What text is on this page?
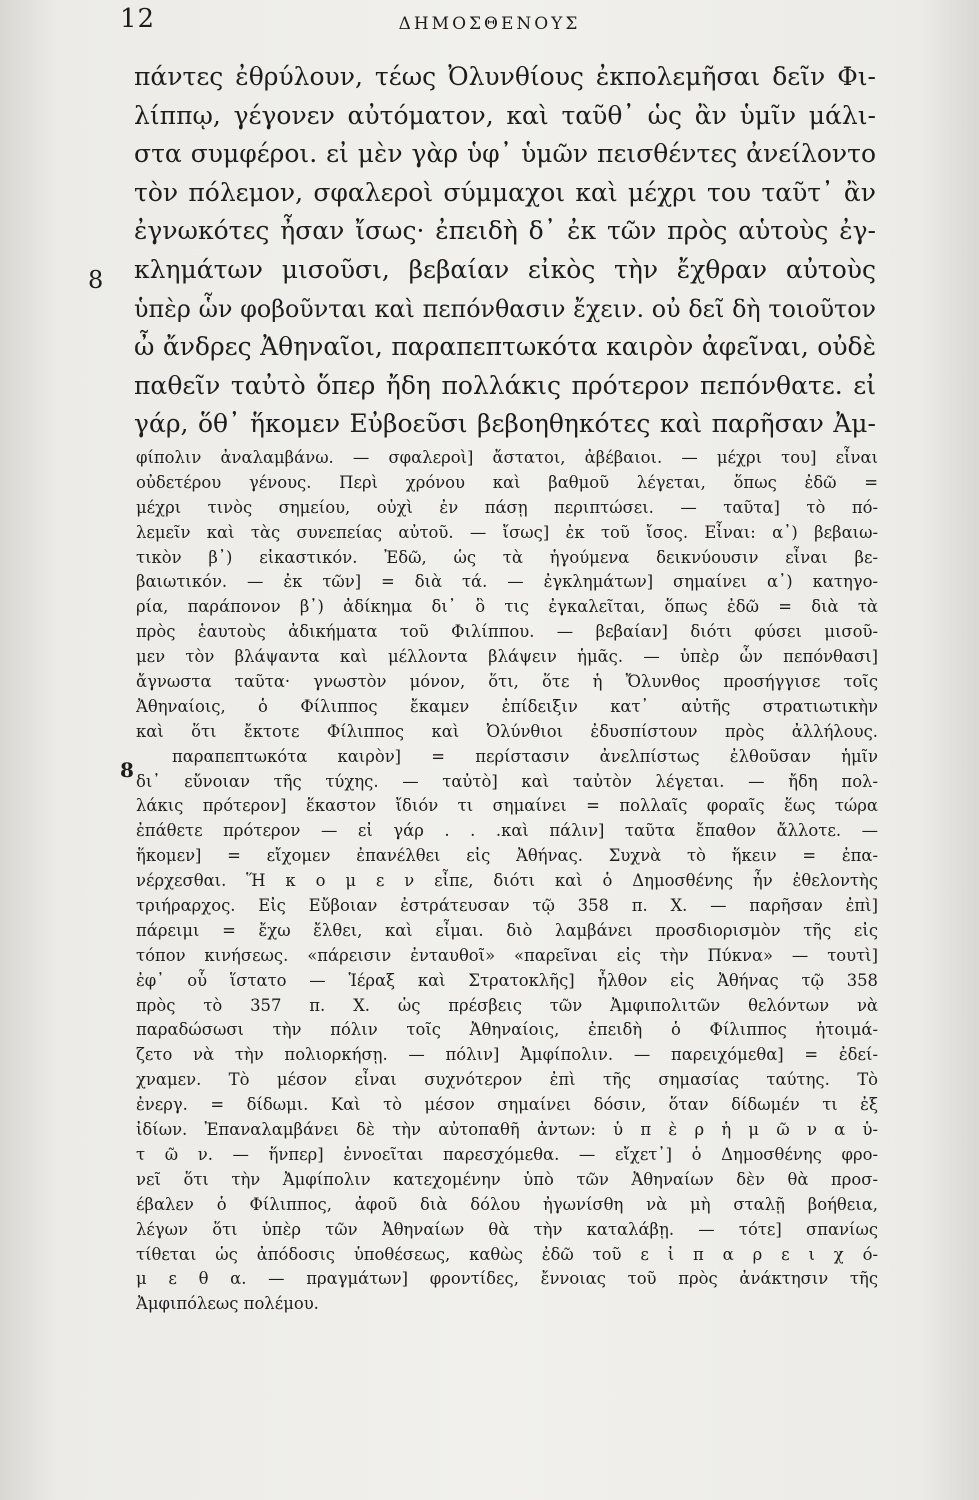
12	ΔΗΜΟΣΘΕΝΟΥΣ
8
πάντες ἐθρύλουν, τέως Ὀλυνθίους ἐκπολεμῆσαι δεῖν Φι-
λίππῳ, γέγονεν αὐτόματον, καὶ ταῦθ᾽ ὡς ἂν ὑμῖν μάλι-
στα συμφέροι. εἰ μὲν γὰρ ὑφ᾽ ὑμῶν πεισθέντες ἀνείλοντο
τὸν πόλεμον, σφαλεροὶ σύμμαχοι καὶ μέχρι του ταῦτ᾽ ἂν
ἐγνωκότες ἦσαν ἴσως· ἐπειδὴ δ᾽ ἐκ τῶν πρὸς αὑτοὺς ἐγ-
κλημάτων μισοῦσι, βεβαίαν εἰκὸς τὴν ἔχθραν αὐτοὺς
ὑπὲρ ὧν φοβοῦνται καὶ πεπόνθασιν ἔχειν. οὐ δεῖ δὴ τοιοῦτον
ὦ ἄνδρες Ἀθηναῖοι, παραπεπτωκότα καιρὸν ἀφεῖναι, οὐδὲ
παθεῖν ταὐτὸ ὅπερ ἤδη πολλάκις πρότερον πεπόνθατε. εἰ
γάρ, ὅθ᾽ ἥκομεν Εὐβοεῦσι βεβοηθηκότες καὶ παρῆσαν Ἀμ-
8
φίπολιν ἀναλαμβάνω. — σφαλεροὶ] ἄστατοι, ἀβέβαιοι. — μέχρι του] εἶναι
οὐδετέρου γένους. Περὶ χρόνου καὶ βαθμοῦ λέγεται, ὅπως ἐδῶ =
μέχρι τινὸς σημείου, οὐχὶ ἐν πάσῃ περιπτώσει. — ταῦτα] τὸ πό-
λεμεῖν καὶ τὰς συνεπείας αὐτοῦ. — ἴσως] ἐκ τοῦ ἴσος. Εἶναι: α᾽) βεβαιω-
τικὸν β᾽) εἰκαστικόν. Ἐδῶ, ὡς τὰ ἡγούμενα δεικνύουσιν εἶναι βε-
βαιωτικόν. — ἐκ τῶν] = διὰ τά. — ἐγκλημάτων] σημαίνει α᾽) κατηγο-
ρία, παράπονον β᾽) ἀδίκημα δι᾽ ὃ τις ἐγκαλεῖται, ὅπως ἐδῶ = διὰ τὰ
πρὸς ἑαυτοὺς ἀδικήματα τοῦ Φιλίππου. — βεβαίαν] διότι φύσει μισοῦ-
μεν τὸν βλάψαντα καὶ μέλλοντα βλάψειν ἡμᾶς. — ὑπὲρ ὧν πεπόνθασι]
ἄγνωστα ταῦτα· γνωστὸν μόνον, ὅτι, ὅτε ἡ Ὄλυνθος προσήγγισε τοῖς
Ἀθηναίοις, ὁ Φίλιππος ἔκαμεν ἐπίδειξιν κατ᾽ αὐτῆς στρατιωτικὴν
καὶ ὅτι ἔκτοτε Φίλιππος καὶ Ὀλύνθιοι ἐδυσπίστουν πρὸς ἀλλήλους.
παραπεπτωκότα καιρὸν] = περίστασιν ἀνελπίστως ἐλθοῦσαν ἡμῖν
δι᾽ εὔνοιαν τῆς τύχης. — ταὐτὸ] καὶ ταὐτὸν λέγεται. — ἤδη πολ-
λάκις πρότερον] ἕκαστον ἴδιόν τι σημαίνει = πολλαῖς φοραῖς ἕως τώρα
ἐπάθετε πρότερον — εἰ γάρ . . .καὶ πάλιν] ταῦτα ἔπαθον ἄλλοτε. —
ἥκομεν] = εἴχομεν ἐπανέλθει εἰς Ἀθήνας. Συχνὰ τὸ ἥκειν = ἐπα-
νέρχεσθαι. Ἥ κ ο μ ε ν εἶπε, διότι καὶ ὁ Δημοσθένης ἦν ἐθελοντὴς
τριήραρχος. Εἰς Εὔβοιαν ἐστράτευσαν τῷ 358 π. Χ. — παρῆσαν ἐπὶ]
πάρειμι = ἔχω ἔλθει, καὶ εἶμαι. διὸ λαμβάνει προσδιορισμὸν τῆς εἰς
τόπον κινήσεως. «πάρεισιν ἐνταυθοῖ» «παρεῖναι εἰς τὴν Πύκνα» — τουτὶ]
ἐφ᾽ οὗ ἵστατο — Ἱέραξ καὶ Στρατοκλῆς] ἦλθον εἰς Ἀθήνας τῷ 358
πρὸς τὸ 357 π. Χ. ὡς πρέσβεις τῶν Ἀμφιπολιτῶν θελόντων νὰ
παραδώσωσι τὴν πόλιν τοῖς Ἀθηναίοις, ἐπειδὴ ὁ Φίλιππος ἡτοιμά-
ζετο νὰ τὴν πολιορκήσῃ. — πόλιν] Ἀμφίπολιν. — παρειχόμεθα] = ἐδεί-
χναμεν. Τὸ μέσον εἶναι συχνότερον ἐπὶ τῆς σημασίας ταύτης. Τὸ
ἐνεργ. = δίδωμι. Καὶ τὸ μέσον σημαίνει δόσιν, ὅταν δίδωμέν τι ἐξ
ἰδίων. Ἐπαναλαμβάνει δὲ τὴν αὐτοπαθῆ ἀντων: ὑ π ὲ ρ ἡ μ ῶ ν α ὑ-
τ ῶ ν. — ἥνπερ] ἐννοεῖται παρεσχόμεθα. — εἴχετ᾽] ὁ Δημοσθένης φρο-
νεῖ ὅτι τὴν Ἀμφίπολιν κατεχομένην ὑπὸ τῶν Ἀθηναίων δὲν θὰ προσ-
έβαλεν ὁ Φίλιππος, ἀφοῦ διὰ δόλου ἠγωνίσθη νὰ μὴ σταλῇ βοήθεια,
λέγων ὅτι ὑπὲρ τῶν Ἀθηναίων θὰ τὴν καταλάβῃ. — τότε] σπανίως
τίθεται ὡς ἀπόδοσις ὑποθέσεως, καθὼς ἐδῶ τοῦ ε ἰ π α ρ ε ι χ ό-
μ ε θ α. — πραγμάτων] φροντίδες, ἔννοιας τοῦ πρὸς ἀνάκτησιν τῆς
Ἀμφιπόλεως πολέμου.
